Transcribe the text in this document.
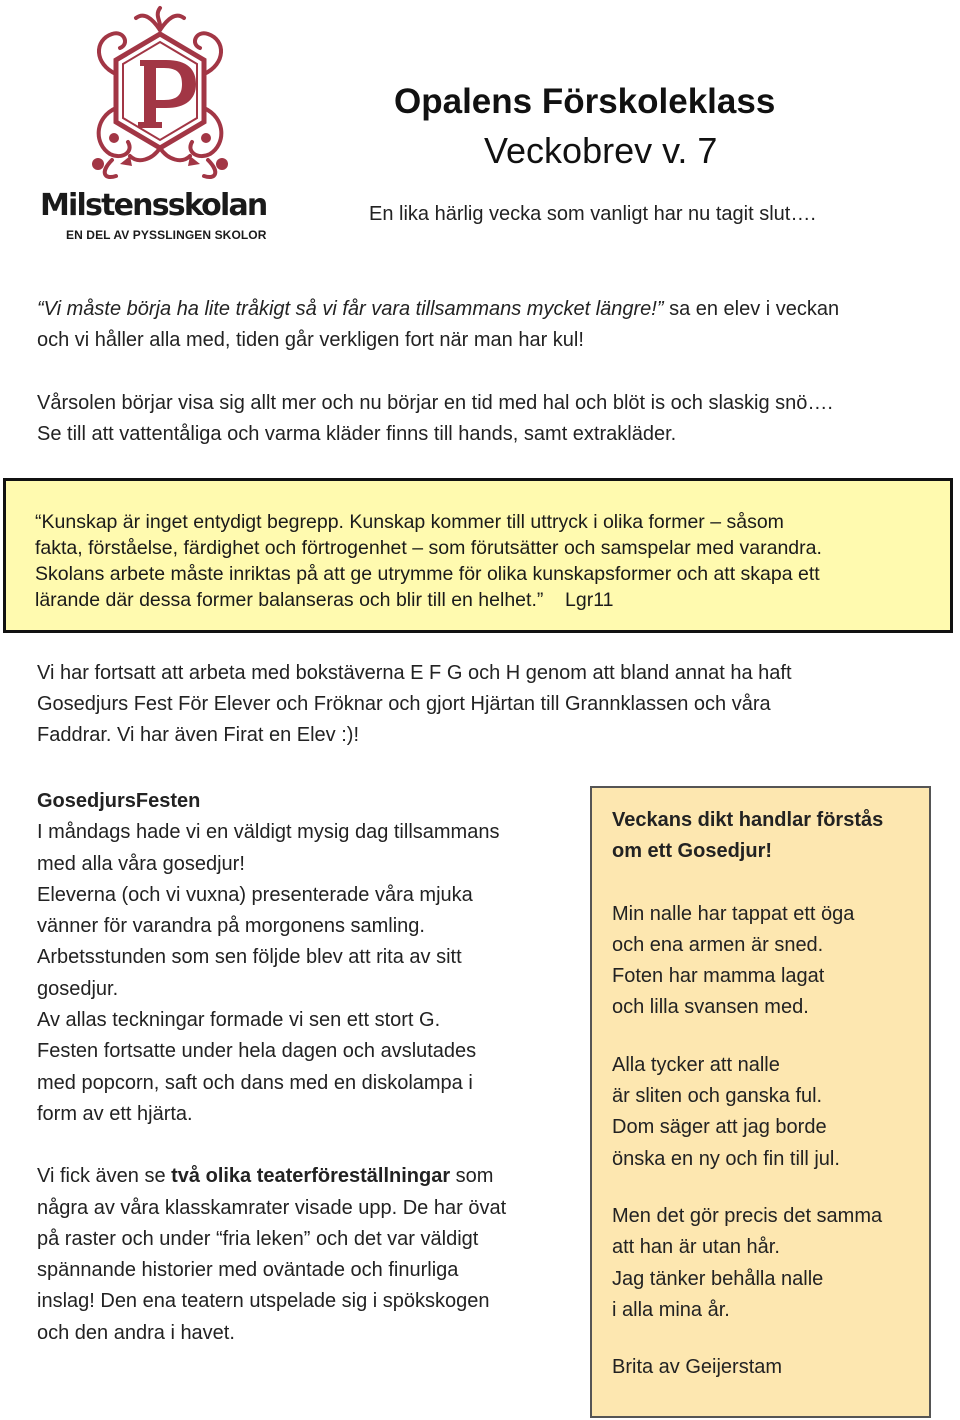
Milstensskolan
EN DEL AV PYSSLINGEN SKOLOR
Opalens Förskoleklass
Veckobrev v. 7
En lika härlig vecka som vanligt har nu tagit slut….

“Vi måste börja ha lite tråkigt så vi får vara tillsammans mycket längre!” sa en elev i veckan

och vi håller alla med, tiden går verkligen fort när man har kul!

Vårsolen börjar visa sig allt mer och nu börjar en tid med hal och blöt is och slaskig snö….

Se till att vattentåliga och varma kläder finns till hands, samt extrakläder.

“Kunskap är inget entydigt begrepp. Kunskap kommer till uttryck i olika former – såsom
fakta, förståelse, färdighet och förtrogenhet – som förutsätter och samspelar med varandra.
Skolans arbete måste inriktas på att ge utrymme för olika kunskapsformer och att skapa ett
lärande där dessa former balanseras och blir till en helhet.”    Lgr11

Vi har fortsatt att arbeta med bokstäverna E F G och H genom att bland annat ha haft

Gosedjurs Fest För Elever och Fröknar och gjort Hjärtan till Grannklassen och våra

Faddrar. Vi har även Firat en Elev :)!

GosedjursFesten

I måndags hade vi en väldigt mysig dag tillsammans

med alla våra gosedjur!

Eleverna (och vi vuxna) presenterade våra mjuka

vänner för varandra på morgonens samling.

Arbetsstunden som sen följde blev att rita av sitt

gosedjur.

Av allas teckningar formade vi sen ett stort G.

Festen fortsatte under hela dagen och avslutades

med popcorn, saft och dans med en diskolampa i

form av ett hjärta.

Vi fick även se två olika teaterföreställningar som

några av våra klasskamrater visade upp. De har övat

på raster och under “fria leken” och det var väldigt

spännande historier med oväntade och finurliga

inslag! Den ena teatern utspelade sig i spökskogen

och den andra i havet.

Veckans dikt handlar förstås

om ett Gosedjur!

Min nalle har tappat ett öga

och ena armen är sned.

Foten har mamma lagat

och lilla svansen med.

Alla tycker att nalle

är sliten och ganska ful.

Dom säger att jag borde

önska en ny och fin till jul.

Men det gör precis det samma

att han är utan hår.

Jag tänker behålla nalle

i alla mina år.

Brita av Geijerstam
